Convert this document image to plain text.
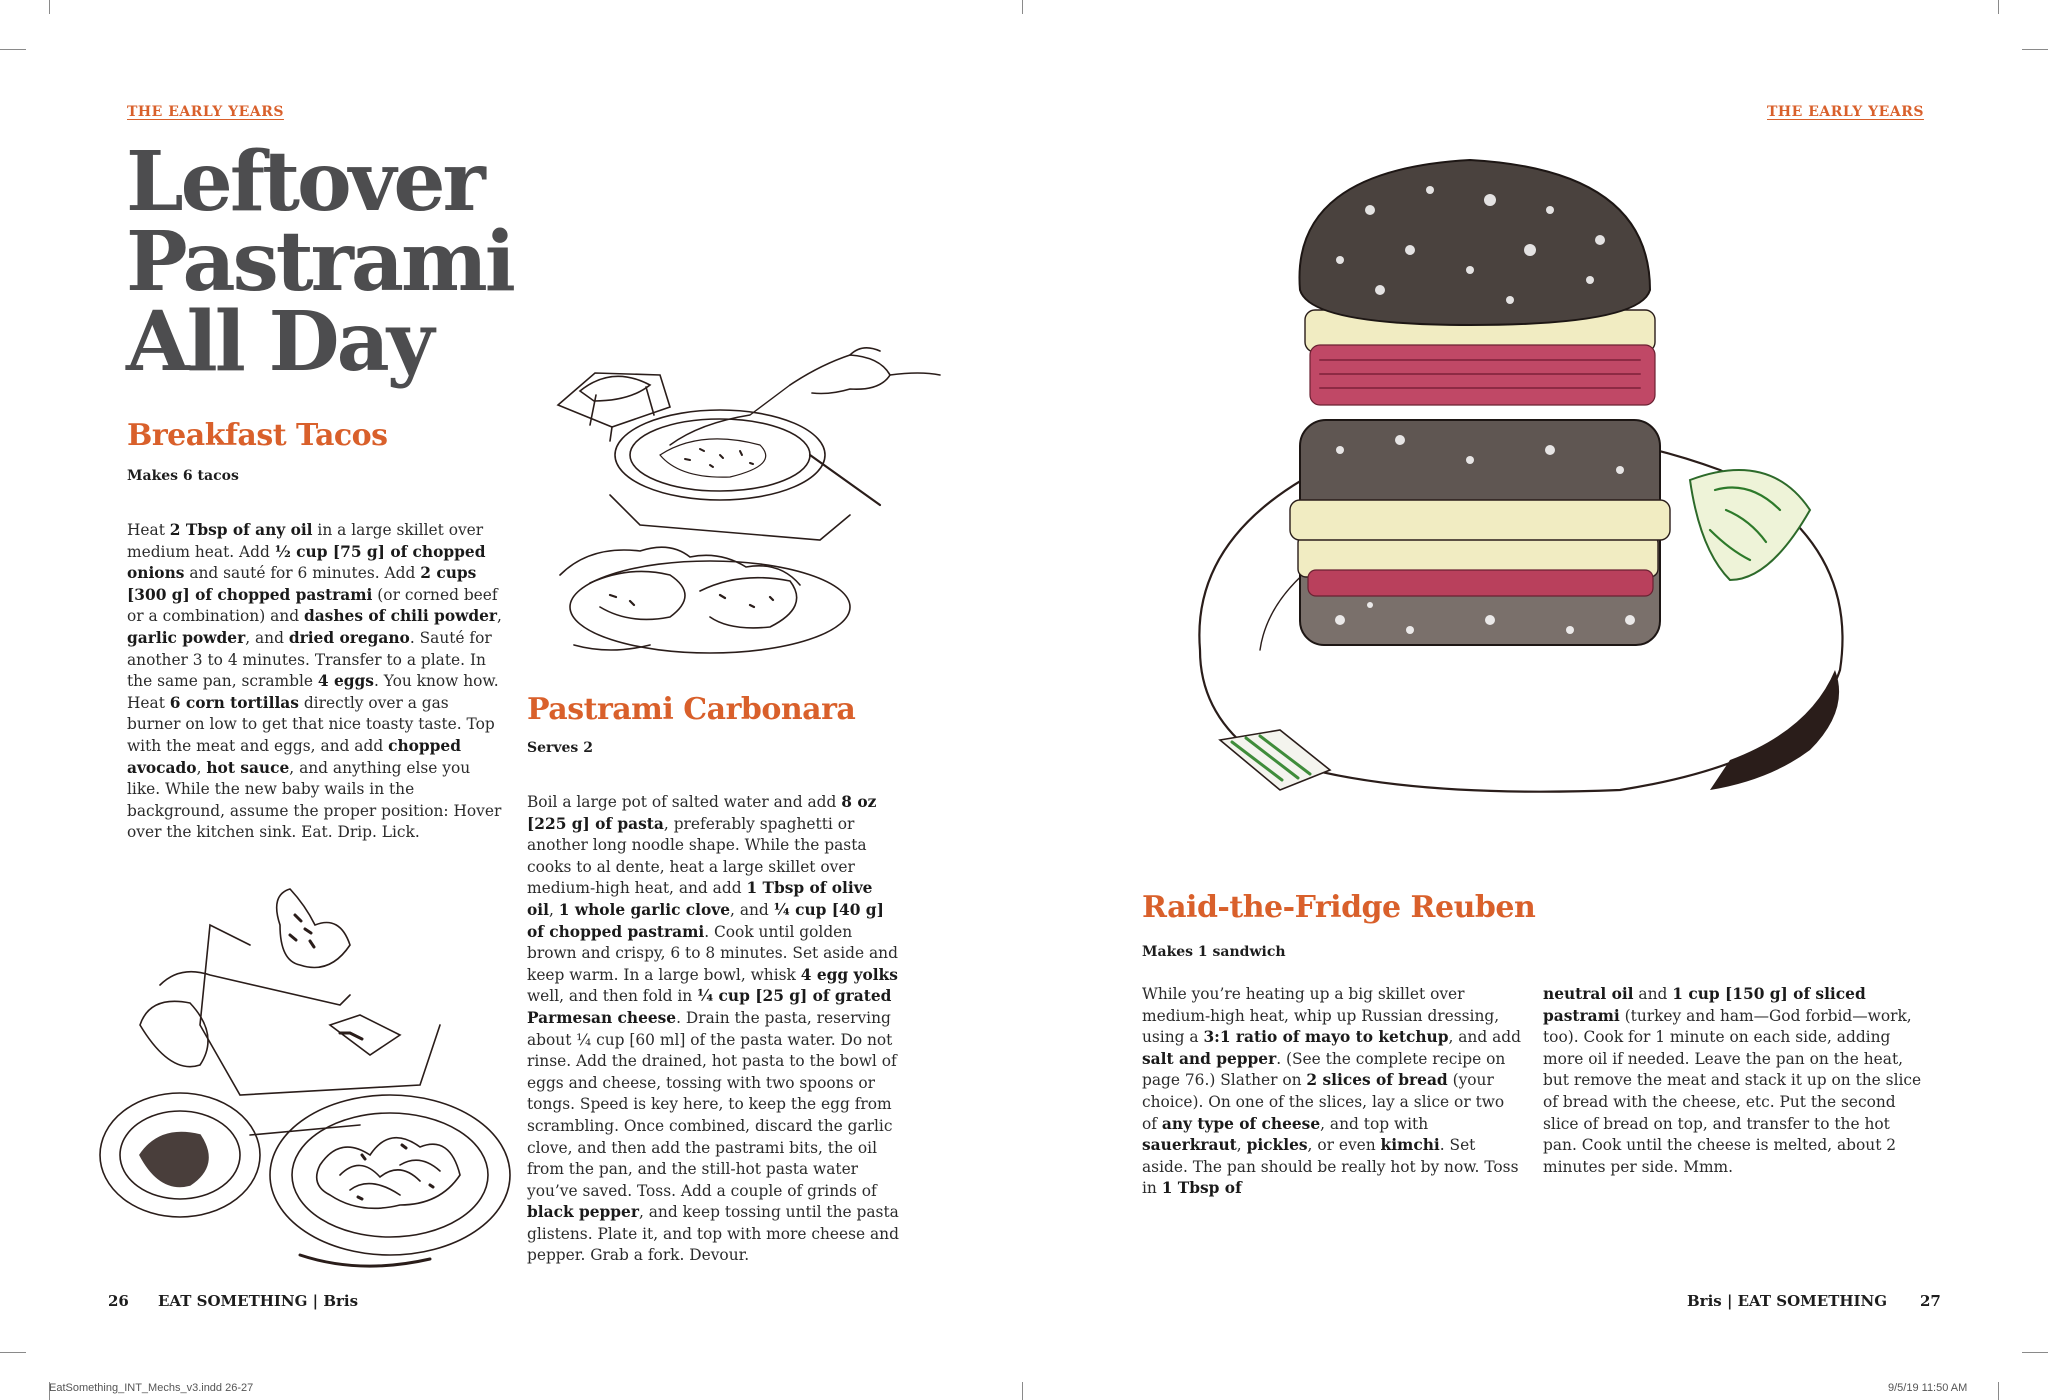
THE EARLY YEARS
Leftover
Pastrami
All Day
Breakfast Tacos
Makes 6 tacos
Heat 2 Tbsp of any oil in a large skillet over medium heat. Add ½ cup [75 g] of chopped onions and sauté for 6 minutes. Add 2 cups [300 g] of chopped pastrami (or corned beef or a combination) and dashes of chili powder, garlic powder, and dried oregano. Sauté for another 3 to 4 minutes. Transfer to a plate. In the same pan, scramble 4 eggs. You know how. Heat 6 corn tortillas directly over a gas burner on low to get that nice toasty taste. Top with the meat and eggs, and add chopped avocado, hot sauce, and anything else you like. While the new baby wails in the background, assume the proper position: Hover over the kitchen sink. Eat. Drip. Lick.
Pastrami Carbonara
Serves 2
Boil a large pot of salted water and add 8 oz [225 g] of pasta, preferably spaghetti or another long noodle shape. While the pasta cooks to al dente, heat a large skillet over medium-high heat, and add 1 Tbsp of olive oil, 1 whole garlic clove, and ¼ cup [40 g] of chopped pastrami. Cook until golden brown and crispy, 6 to 8 minutes. Set aside and keep warm. In a large bowl, whisk 4 egg yolks well, and then fold in ¼ cup [25 g] of grated Parmesan cheese. Drain the pasta, reserving about ¼ cup [60 ml] of the pasta water. Do not rinse. Add the drained, hot pasta to the bowl of eggs and cheese, tossing with two spoons or tongs. Speed is key here, to keep the egg from scrambling. Once combined, discard the garlic clove, and then add the pastrami bits, the oil from the pan, and the still-hot pasta water you’ve saved. Toss. Add a couple of grinds of black pepper, and keep tossing until the pasta glistens. Plate it, and top with more cheese and pepper. Grab a fork. Devour.
26 EAT SOMETHING | Bris
THE EARLY YEARS
Raid-the-Fridge Reuben
Makes 1 sandwich
While you’re heating up a big skillet over medium-high heat, whip up Russian dressing, using a 3:1 ratio of mayo to ketchup, and add salt and pepper. (See the complete recipe on page 76.) Slather on 2 slices of bread (your choice). On one of the slices, lay a slice or two of any type of cheese, and top with sauerkraut, pickles, or even kimchi. Set aside. The pan should be really hot by now. Toss in 1 Tbsp of
neutral oil and 1 cup [150 g] of sliced pastrami (turkey and ham—God forbid—work, too). Cook for 1 minute on each side, adding more oil if needed. Leave the pan on the heat, but remove the meat and stack it up on the slice of bread with the cheese, etc. Put the second slice of bread on top, and transfer to the hot pan. Cook until the cheese is melted, about 2 minutes per side. Mmm.
Bris | EAT SOMETHING 27
EatSomething_INT_Mechs_v3.indd 26-27	9/5/19 11:50 AM
